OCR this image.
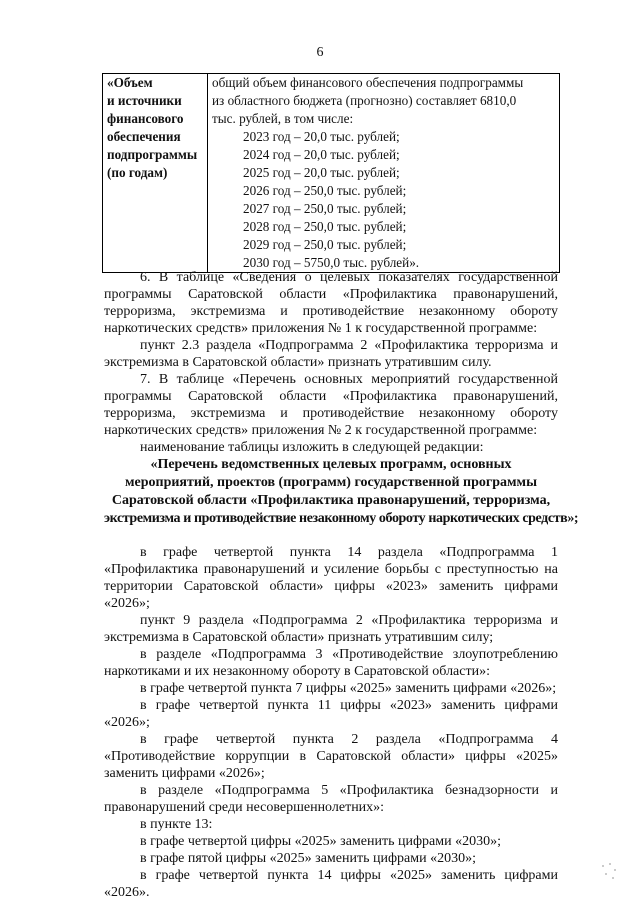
6
«Объем
и источники
финансового
обеспечения
подпрограммы
(по годам)

общий объем финансового обеспечения подпрограммы
из областного бюджета (прогнозно) составляет 6810,0
тыс. рублей, в том числе:
2023 год – 20,0 тыс. рублей;
2024 год – 20,0 тыс. рублей;
2025 год – 20,0 тыс. рублей;
2026 год – 250,0 тыс. рублей;
2027 год – 250,0 тыс. рублей;
2028 год – 250,0 тыс. рублей;
2029 год – 250,0 тыс. рублей;
2030 год – 5750,0 тыс. рублей».

6. В таблице «Сведения о целевых показателях государственной программы Саратовской области «Профилактика правонарушений, терроризма, экстремизма и противодействие незаконному обороту наркотических средств» приложения № 1 к государственной программе:

пункт 2.3 раздела «Подпрограмма 2 «Профилактика терроризма и экстремизма в Саратовской области» признать утратившим силу.

7. В таблице «Перечень основных мероприятий государственной программы Саратовской области «Профилактика правонарушений, терроризма, экстремизма и противодействие незаконному обороту наркотических средств» приложения № 2 к государственной программе:

наименование таблицы изложить в следующей редакции:

«Перечень ведомственных целевых программ, основных
мероприятий, проектов (программ) государственной программы
Саратовской области «Профилактика правонарушений, терроризма,
экстремизма и противодействие незаконному обороту наркотических средств»;

в графе четвертой пункта 14 раздела «Подпрограмма 1 «Профилактика правонарушений и усиление борьбы с преступностью на территории Саратовской области» цифры «2023» заменить цифрами «2026»;

пункт 9 раздела «Подпрограмма 2 «Профилактика терроризма и экстремизма в Саратовской области» признать утратившим силу;

в разделе «Подпрограмма 3 «Противодействие злоупотреблению наркотиками и их незаконному обороту в Саратовской области»:

в графе четвертой пункта 7 цифры «2025» заменить цифрами «2026»;

в графе четвертой пункта 11 цифры «2023» заменить цифрами «2026»;

в графе четвертой пункта 2 раздела «Подпрограмма 4 «Противодействие коррупции в Саратовской области» цифры «2025» заменить цифрами «2026»;

в разделе «Подпрограмма 5 «Профилактика безнадзорности и правонарушений среди несовершеннолетних»:

в пункте 13:

в графе четвертой цифры «2025» заменить цифрами «2030»;

в графе пятой цифры «2025» заменить цифрами «2030»;

в графе четвертой пункта 14 цифры «2025» заменить цифрами «2026».
